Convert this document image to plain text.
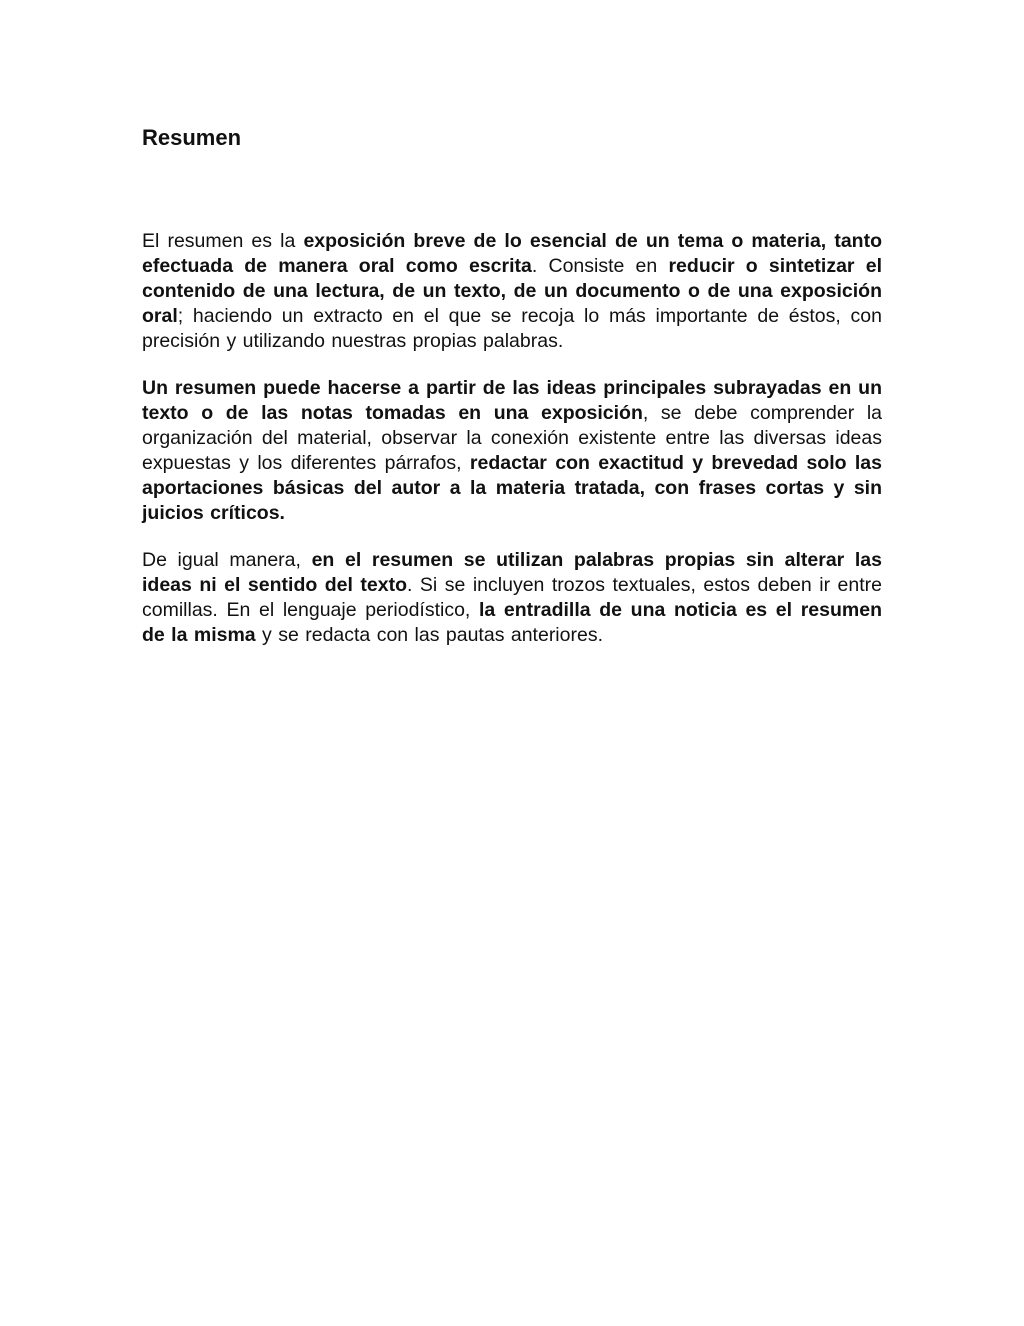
Resumen

El resumen es la exposición breve de lo esencial de un tema o materia, tanto efectuada de manera oral como escrita. Consiste en reducir o sintetizar el contenido de una lectura, de un texto, de un documento o de una exposición oral; haciendo un extracto en el que se recoja lo más importante de éstos, con precisión y utilizando nuestras propias palabras.

Un resumen puede hacerse a partir de las ideas principales subrayadas en un texto o de las notas tomadas en una exposición, se debe comprender la organización del material, observar la conexión existente entre las diversas ideas expuestas y los diferentes párrafos, redactar con exactitud y brevedad solo las aportaciones básicas del autor a la materia tratada, con frases cortas y sin juicios críticos.

De igual manera, en el resumen se utilizan palabras propias sin alterar las ideas ni el sentido del texto. Si se incluyen trozos textuales, estos deben ir entre comillas. En el lenguaje periodístico, la entradilla de una noticia es el resumen de la misma y se redacta con las pautas anteriores.
